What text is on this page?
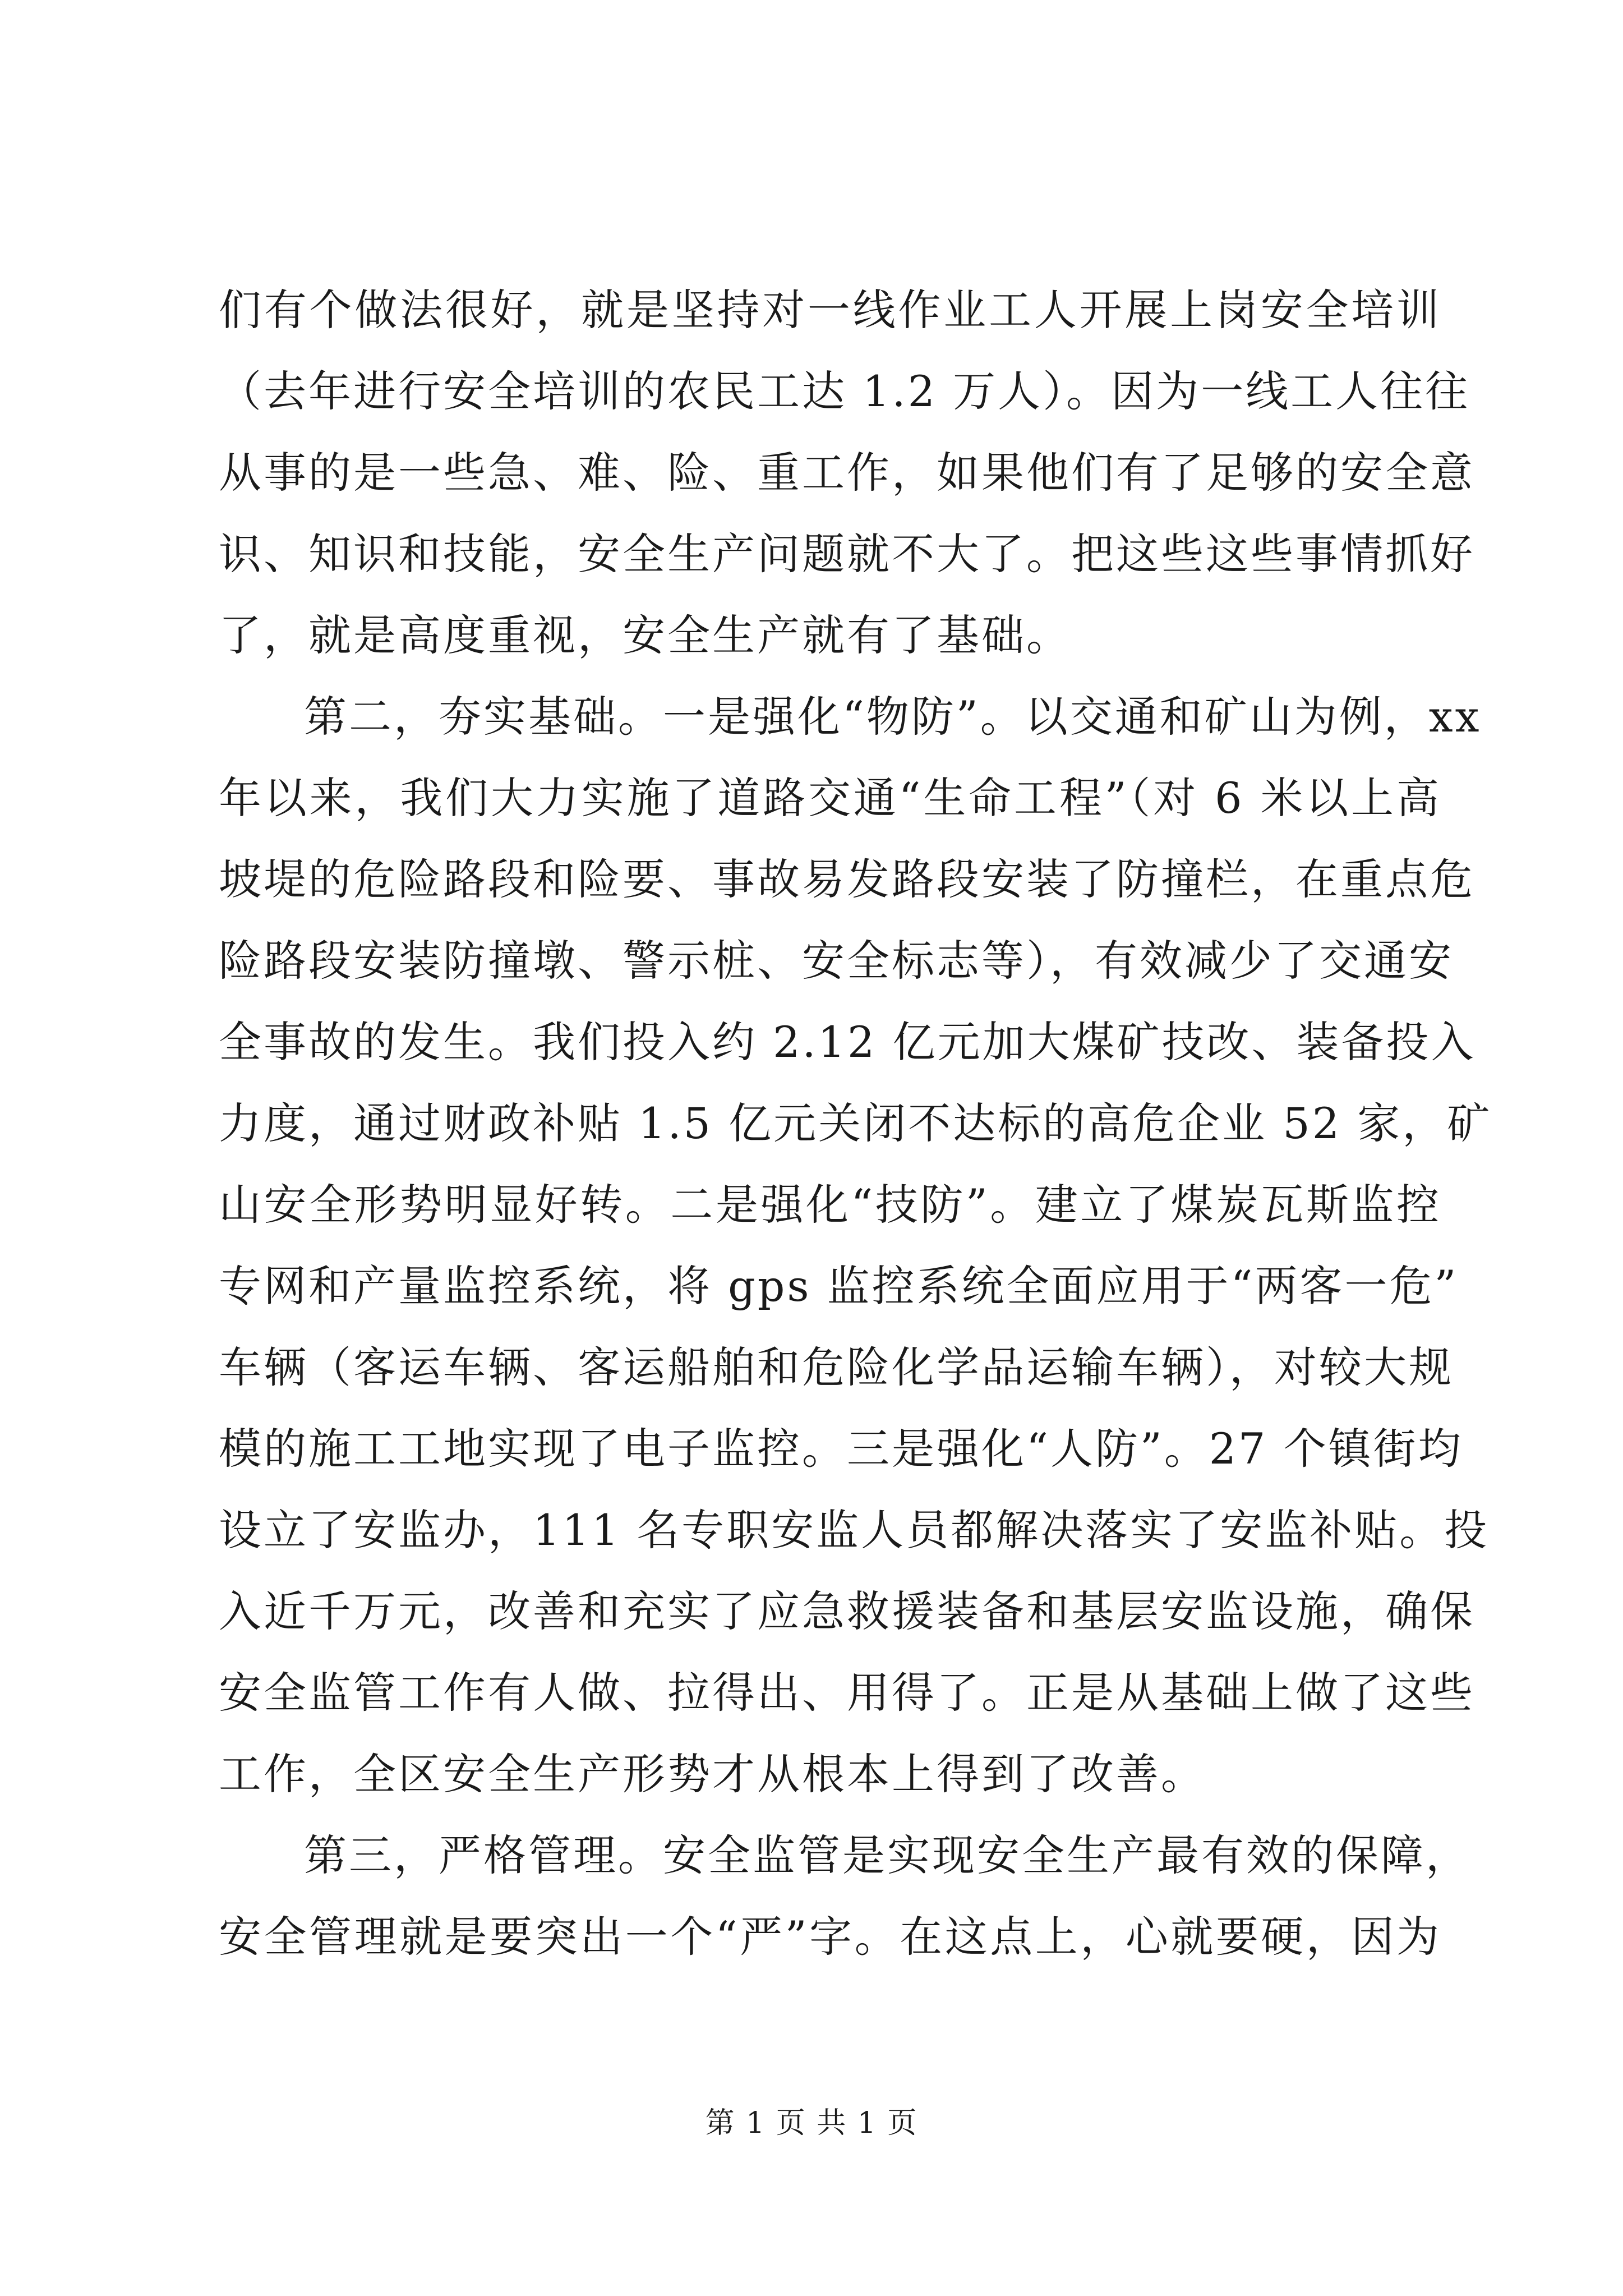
们有个做法很好，就是坚持对一线作业工人开展上岗安全培训
（去年进行安全培训的农民工达 1.2 万人）。因为一线工人往往
从事的是一些急、难、险、重工作，如果他们有了足够的安全意
识、知识和技能，安全生产问题就不大了。把这些这些事情抓好
了，就是高度重视，安全生产就有了基础。
第二，夯实基础。一是强化“物防”。以交通和矿山为例，xx
年以来，我们大力实施了道路交通“生命工程”（对 6 米以上高
坡堤的危险路段和险要、事故易发路段安装了防撞栏，在重点危
险路段安装防撞墩、警示桩、安全标志等），有效减少了交通安
全事故的发生。我们投入约 2.12 亿元加大煤矿技改、装备投入
力度，通过财政补贴 1.5 亿元关闭不达标的高危企业 52 家，矿
山安全形势明显好转。二是强化“技防”。建立了煤炭瓦斯监控
专网和产量监控系统，将 gps 监控系统全面应用于“两客一危”
车辆（客运车辆、客运船舶和危险化学品运输车辆），对较大规
模的施工工地实现了电子监控。三是强化“人防”。27 个镇街均
设立了安监办，111 名专职安监人员都解决落实了安监补贴。投
入近千万元，改善和充实了应急救援装备和基层安监设施，确保
安全监管工作有人做、拉得出、用得了。正是从基础上做了这些
工作，全区安全生产形势才从根本上得到了改善。
第三，严格管理。安全监管是实现安全生产最有效的保障，
安全管理就是要突出一个“严”字。在这点上，心就要硬，因为
第 1 页 共 1 页
